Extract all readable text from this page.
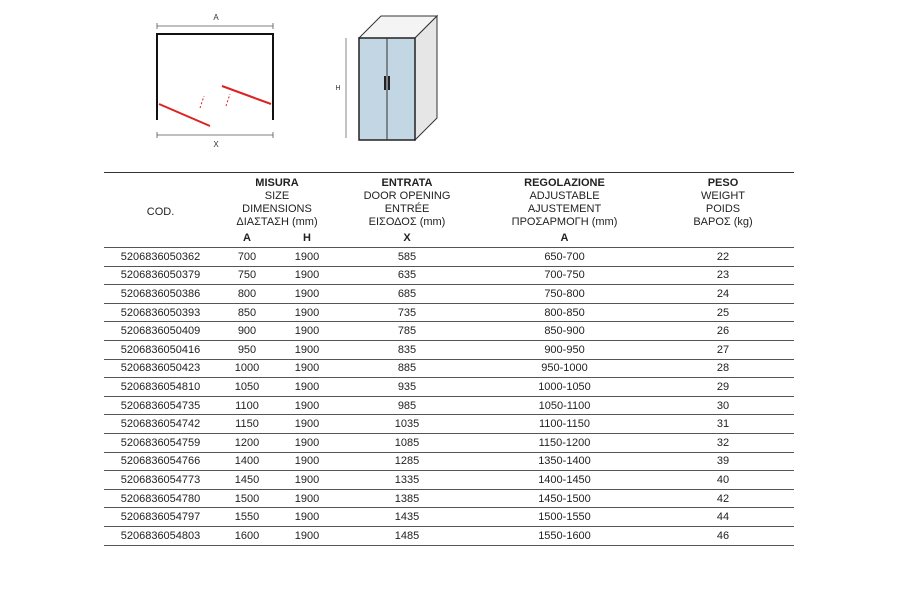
A
X
H
COD.	MISURA
SIZE
DIMENSIONS
ΔΙΑΣΤΑΣΗ (mm)		ENTRATA
DOOR OPENING
ENTRÉE
ΕΙΣΟΔΟΣ (mm)	REGOLAZIONE
ADJUSTABLE
AJUSTEMENT
ΠΡΟΣΑΡΜΟΓΗ (mm)	PESO
WEIGHT
POIDS
ΒΑΡΟΣ (kg)

	A	H	X	A	
5206836050362	700	1900	585	650-700	22
5206836050379	750	1900	635	700-750	23
5206836050386	800	1900	685	750-800	24
5206836050393	850	1900	735	800-850	25
5206836050409	900	1900	785	850-900	26
5206836050416	950	1900	835	900-950	27
5206836050423	1000	1900	885	950-1000	28
5206836054810	1050	1900	935	1000-1050	29
5206836054735	1100	1900	985	1050-1100	30
5206836054742	1150	1900	1035	1100-1150	31
5206836054759	1200	1900	1085	1150-1200	32
5206836054766	1400	1900	1285	1350-1400	39
5206836054773	1450	1900	1335	1400-1450	40
5206836054780	1500	1900	1385	1450-1500	42
5206836054797	1550	1900	1435	1500-1550	44
5206836054803	1600	1900	1485	1550-1600	46
